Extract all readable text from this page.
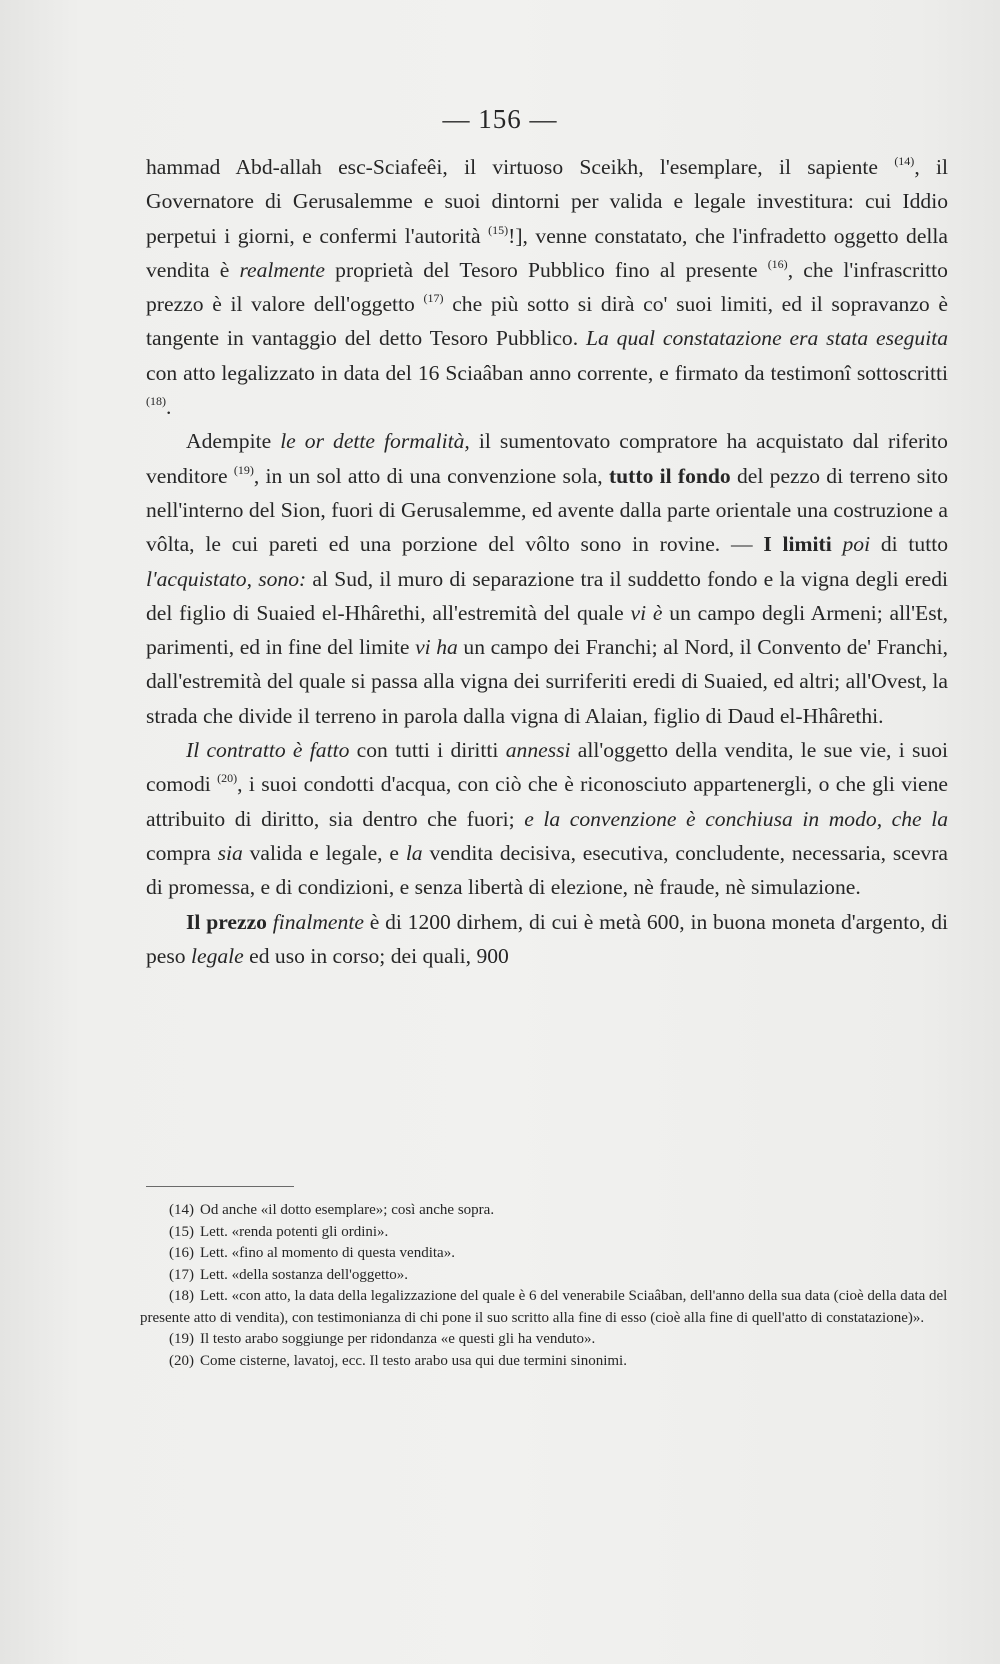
— 156 —

hammad Abd-allah esc-Sciafeêi, il virtuoso Sceikh, l'esemplare, il sapiente $^{(14)}$, il Governatore di Gerusalemme e suoi dintorni per valida e legale investitura: cui Iddio perpetui i giorni, e confermi l'autorità $^{(15)}$!], venne constatato, che l'infradetto oggetto della vendita è realmente proprietà del Tesoro Pubblico fino al presente $^{(16)}$, che l'infrascritto prezzo è il valore dell'oggetto $^{(17)}$ che più sotto si dirà co' suoi limiti, ed il sopravanzo è tangente in vantaggio del detto Tesoro Pubblico. La qual constatazione era stata eseguita con atto legalizzato in data del 16 Sciaâban anno corrente, e firmato da testimonî sottoscritti $^{(18)}$.

Adempite le or dette formalità, il sumentovato compratore ha acquistato dal riferito venditore $^{(19)}$, in un sol atto di una convenzione sola, tutto il fondo del pezzo di terreno sito nell'interno del Sion, fuori di Gerusalemme, ed avente dalla parte orientale una costruzione a vôlta, le cui pareti ed una porzione del vôlto sono in rovine. — I limiti poi di tutto l'acquistato, sono: al Sud, il muro di separazione tra il suddetto fondo e la vigna degli eredi del figlio di Suaied el-Hhârethi, all'estremità del quale vi è un campo degli Armeni; all'Est, parimenti, ed in fine del limite vi ha un campo dei Franchi; al Nord, il Convento de' Franchi, dall'estremità del quale si passa alla vigna dei surriferiti eredi di Suaied, ed altri; all'Ovest, la strada che divide il terreno in parola dalla vigna di Alaian, figlio di Daud el-Hhârethi.

Il contratto è fatto con tutti i diritti annessi all'oggetto della vendita, le sue vie, i suoi comodi $^{(20)}$, i suoi condotti d'acqua, con ciò che è riconosciuto appartenergli, o che gli viene attribuito di diritto, sia dentro che fuori; e la convenzione è conchiusa in modo, che la compra sia valida e legale, e la vendita decisiva, esecutiva, concludente, necessaria, scevra di promessa, e di condizioni, e senza libertà di elezione, nè fraude, nè simulazione.

Il prezzo finalmente è di 1200 dirhem, di cui è metà 600, in buona moneta d'argento, di peso legale ed uso in corso; dei quali, 900

(14) Od anche «il dotto esemplare»; così anche sopra.

(15) Lett. «renda potenti gli ordini».

(16) Lett. «fino al momento di questa vendita».

(17) Lett. «della sostanza dell'oggetto».

(18) Lett. «con atto, la data della legalizzazione del quale è 6 del venerabile Sciaâban, dell'anno della sua data (cioè della data del presente atto di vendita), con testimonianza di chi pone il suo scritto alla fine di esso (cioè alla fine di quell'atto di constatazione)».

(19) Il testo arabo soggiunge per ridondanza «e questi gli ha venduto».

(20) Come cisterne, lavatoj, ecc. Il testo arabo usa qui due termini sinonimi.
